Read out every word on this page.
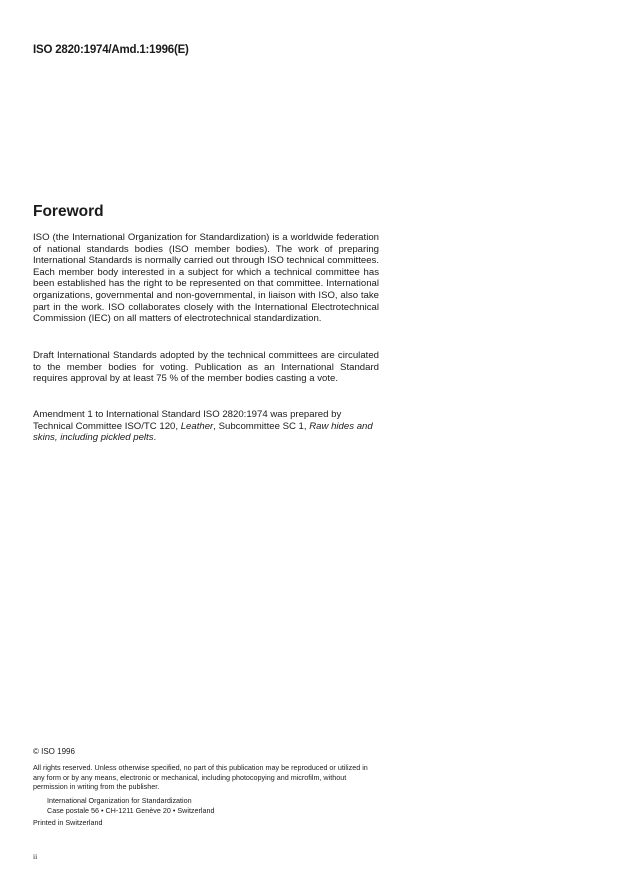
ISO 2820:1974/Amd.1:1996(E)
Foreword

ISO (the International Organization for Standardization) is a worldwide federation of national standards bodies (ISO member bodies). The work of preparing International Standards is normally carried out through ISO technical committees. Each member body interested in a subject for which a technical committee has been established has the right to be represented on that committee. International organizations, governmental and non-governmental, in liaison with ISO, also take part in the work. ISO collaborates closely with the International Electrotechnical Commission (IEC) on all matters of electrotechnical standardization.

Draft International Standards adopted by the technical committees are circulated to the member bodies for voting. Publication as an International Standard requires approval by at least 75 % of the member bodies casting a vote.

Amendment 1 to International Standard ISO 2820:1974 was prepared by Technical Committee ISO/TC 120, Leather, Subcommittee SC 1, Raw hides and skins, including pickled pelts.

© ISO 1996
All rights reserved. Unless otherwise specified, no part of this publication may be reproduced or utilized in any form or by any means, electronic or mechanical, including photocopying and microfilm, without permission in writing from the publisher.
International Organization for Standardization
Case postale 56 • CH-1211 Genève 20 • Switzerland
Printed in Switzerland
ii
